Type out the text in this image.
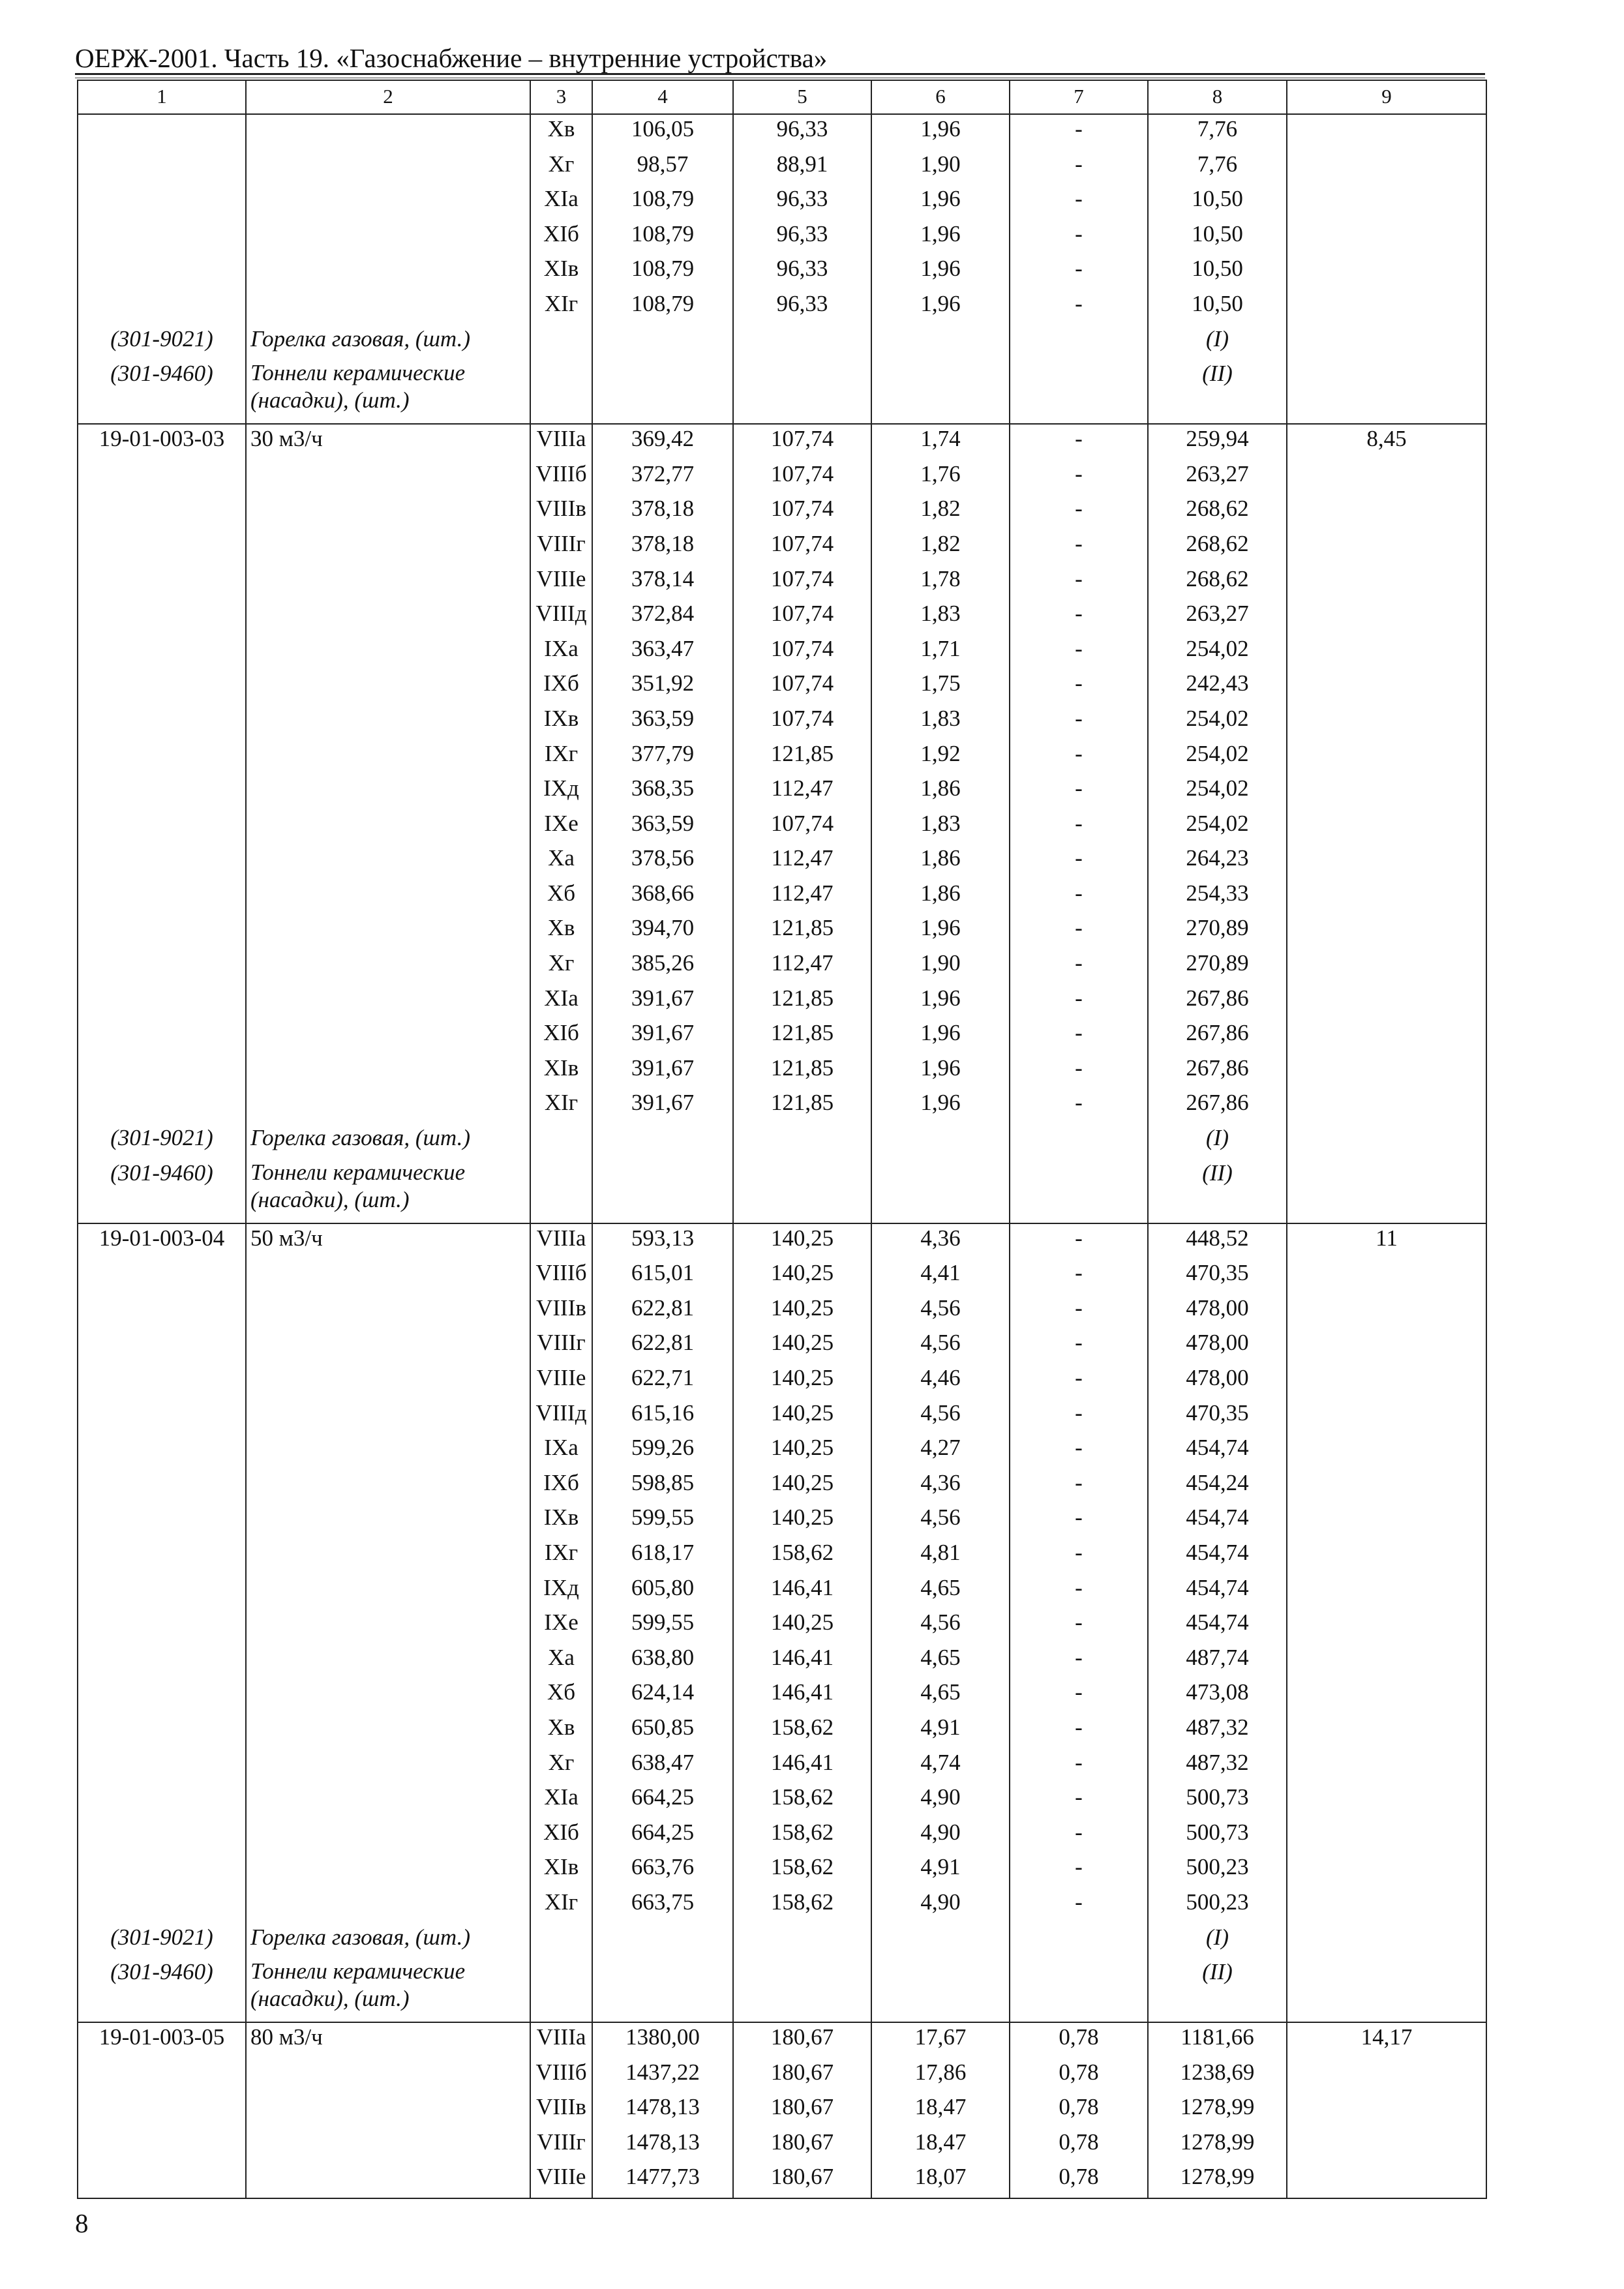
ОЕРЖ-2001. Часть 19. «Газоснабжение – внутренние устройства»
1	2	3	4	5	6	7	8	9
		Хв	106,05	96,33	1,96	-	7,76	
		Хг	98,57	88,91	1,90	-	7,76	
		ХIа	108,79	96,33	1,96	-	10,50	
		ХIб	108,79	96,33	1,96	-	10,50	
		ХIв	108,79	96,33	1,96	-	10,50	
		ХIг	108,79	96,33	1,96	-	10,50	
(301-9021)	Горелка газовая, (шт.)						(I)	
(301-9460)	Тоннели керамические (насадки), (шт.)						(II)	
19-01-003-03	30 м3/ч	VIIIа	369,42	107,74	1,74	-	259,94	8,45
		VIIIб	372,77	107,74	1,76	-	263,27	
		VIIIв	378,18	107,74	1,82	-	268,62	
		VIIIг	378,18	107,74	1,82	-	268,62	
		VIIIе	378,14	107,74	1,78	-	268,62	
		VIIIд	372,84	107,74	1,83	-	263,27	
		IХа	363,47	107,74	1,71	-	254,02	
		IХб	351,92	107,74	1,75	-	242,43	
		IХв	363,59	107,74	1,83	-	254,02	
		IХг	377,79	121,85	1,92	-	254,02	
		IХд	368,35	112,47	1,86	-	254,02	
		IХе	363,59	107,74	1,83	-	254,02	
		Ха	378,56	112,47	1,86	-	264,23	
		Хб	368,66	112,47	1,86	-	254,33	
		Хв	394,70	121,85	1,96	-	270,89	
		Хг	385,26	112,47	1,90	-	270,89	
		ХIа	391,67	121,85	1,96	-	267,86	
		ХIб	391,67	121,85	1,96	-	267,86	
		ХIв	391,67	121,85	1,96	-	267,86	
		ХIг	391,67	121,85	1,96	-	267,86	
(301-9021)	Горелка газовая, (шт.)						(I)	
(301-9460)	Тоннели керамические (насадки), (шт.)						(II)	
19-01-003-04	50 м3/ч	VIIIа	593,13	140,25	4,36	-	448,52	11
		VIIIб	615,01	140,25	4,41	-	470,35	
		VIIIв	622,81	140,25	4,56	-	478,00	
		VIIIг	622,81	140,25	4,56	-	478,00	
		VIIIе	622,71	140,25	4,46	-	478,00	
		VIIIд	615,16	140,25	4,56	-	470,35	
		IХа	599,26	140,25	4,27	-	454,74	
		IХб	598,85	140,25	4,36	-	454,24	
		IХв	599,55	140,25	4,56	-	454,74	
		IХг	618,17	158,62	4,81	-	454,74	
		IХд	605,80	146,41	4,65	-	454,74	
		IХе	599,55	140,25	4,56	-	454,74	
		Ха	638,80	146,41	4,65	-	487,74	
		Хб	624,14	146,41	4,65	-	473,08	
		Хв	650,85	158,62	4,91	-	487,32	
		Хг	638,47	146,41	4,74	-	487,32	
		ХIа	664,25	158,62	4,90	-	500,73	
		ХIб	664,25	158,62	4,90	-	500,73	
		ХIв	663,76	158,62	4,91	-	500,23	
		ХIг	663,75	158,62	4,90	-	500,23	
(301-9021)	Горелка газовая, (шт.)						(I)	
(301-9460)	Тоннели керамические (насадки), (шт.)						(II)	
19-01-003-05	80 м3/ч	VIIIа	1380,00	180,67	17,67	0,78	1181,66	14,17
		VIIIб	1437,22	180,67	17,86	0,78	1238,69	
		VIIIв	1478,13	180,67	18,47	0,78	1278,99	
		VIIIг	1478,13	180,67	18,47	0,78	1278,99	
		VIIIе	1477,73	180,67	18,07	0,78	1278,99	
8
